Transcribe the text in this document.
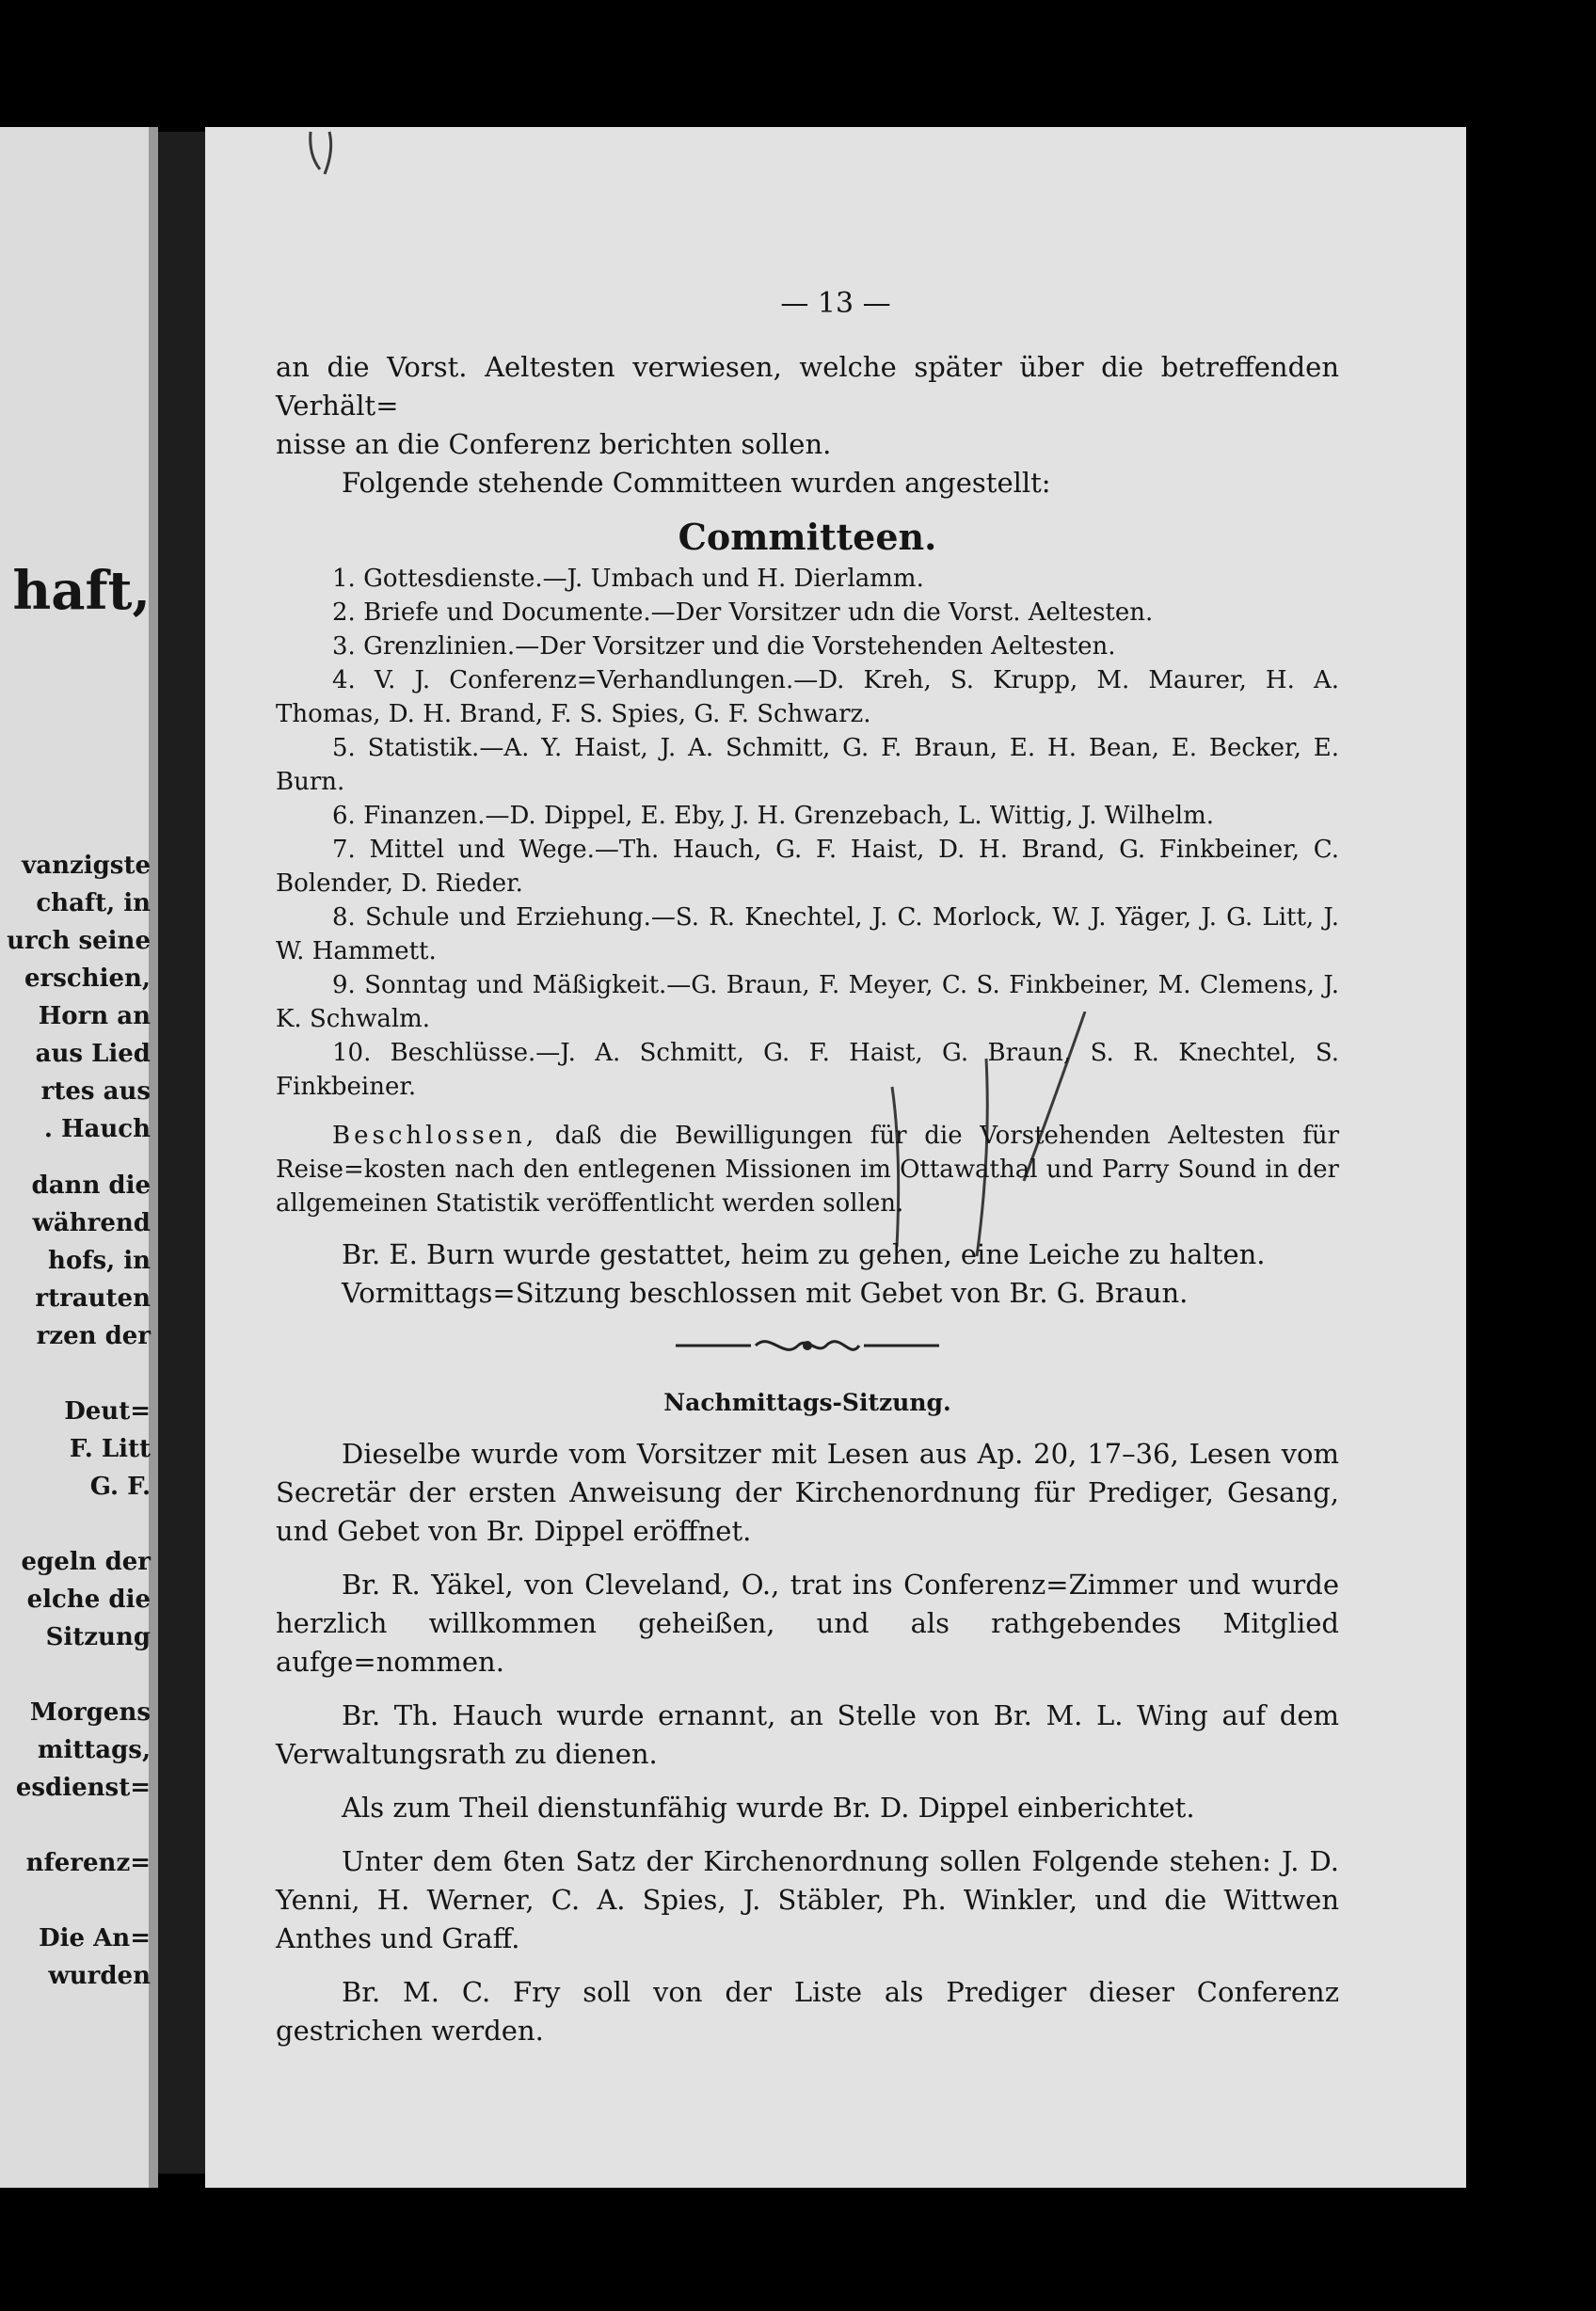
haft,
vanzigste
chaft, in
urch seine
erschien,
Horn an
aus Lied
rtes aus
. Hauch
dann die
während
hofs, in
rtrauten
rzen der
Deut=
F. Litt
G. F.
egeln der
elche die
Sitzung
Morgens
mittags,
esdienst=
nferenz=
Die An=
wurden
— 13 —

an die Vorst. Aeltesten verwiesen, welche später über die betreffenden Verhält=

nisse an die Conferenz berichten sollen.

Folgende stehende Committeen wurden angestellt:

Committeen.

1. Gottesdienste.—J. Umbach und H. Dierlamm.

2. Briefe und Documente.—Der Vorsitzer udn die Vorst. Aeltesten.

3. Grenzlinien.—Der Vorsitzer und die Vorstehenden Aeltesten.

4. V. J. Conferenz=Verhandlungen.—D. Kreh, S. Krupp, M. Maurer, H. A. Thomas, D. H. Brand, F. S. Spies, G. F. Schwarz.

5. Statistik.—A. Y. Haist, J. A. Schmitt, G. F. Braun, E. H. Bean, E. Becker, E. Burn.

6. Finanzen.—D. Dippel, E. Eby, J. H. Grenzebach, L. Wittig, J. Wilhelm.

7. Mittel und Wege.—Th. Hauch, G. F. Haist, D. H. Brand, G. Finkbeiner, C. Bolender, D. Rieder.

8. Schule und Erziehung.—S. R. Knechtel, J. C. Morlock, W. J. Yäger, J. G. Litt, J. W. Hammett.

9. Sonntag und Mäßigkeit.—G. Braun, F. Meyer, C. S. Finkbeiner, M. Clemens, J. K. Schwalm.

10. Beschlüsse.—J. A. Schmitt, G. F. Haist, G. Braun, S. R. Knechtel, S. Finkbeiner.

Beschlossen, daß die Bewilligungen für die Vorstehenden Aeltesten für Reise=kosten nach den entlegenen Missionen im Ottawathal und Parry Sound in der allgemeinen Statistik veröffentlicht werden sollen.

Br. E. Burn wurde gestattet, heim zu gehen, eine Leiche zu halten.

Vormittags=Sitzung beschlossen mit Gebet von Br. G. Braun.

Nachmittags-Sitzung.

Dieselbe wurde vom Vorsitzer mit Lesen aus Ap. 20, 17–36, Lesen vom Secretär der ersten Anweisung der Kirchenordnung für Prediger, Gesang, und Gebet von Br. Dippel eröffnet.

Br. R. Yäkel, von Cleveland, O., trat ins Conferenz=Zimmer und wurde herzlich willkommen geheißen, und als rathgebendes Mitglied aufge=nommen.

Br. Th. Hauch wurde ernannt, an Stelle von Br. M. L. Wing auf dem Verwaltungsrath zu dienen.

Als zum Theil dienstunfähig wurde Br. D. Dippel einberichtet.

Unter dem 6ten Satz der Kirchenordnung sollen Folgende stehen: J. D. Yenni, H. Werner, C. A. Spies, J. Stäbler, Ph. Winkler, und die Wittwen Anthes und Graff.

Br. M. C. Fry soll von der Liste als Prediger dieser Conferenz gestrichen werden.
